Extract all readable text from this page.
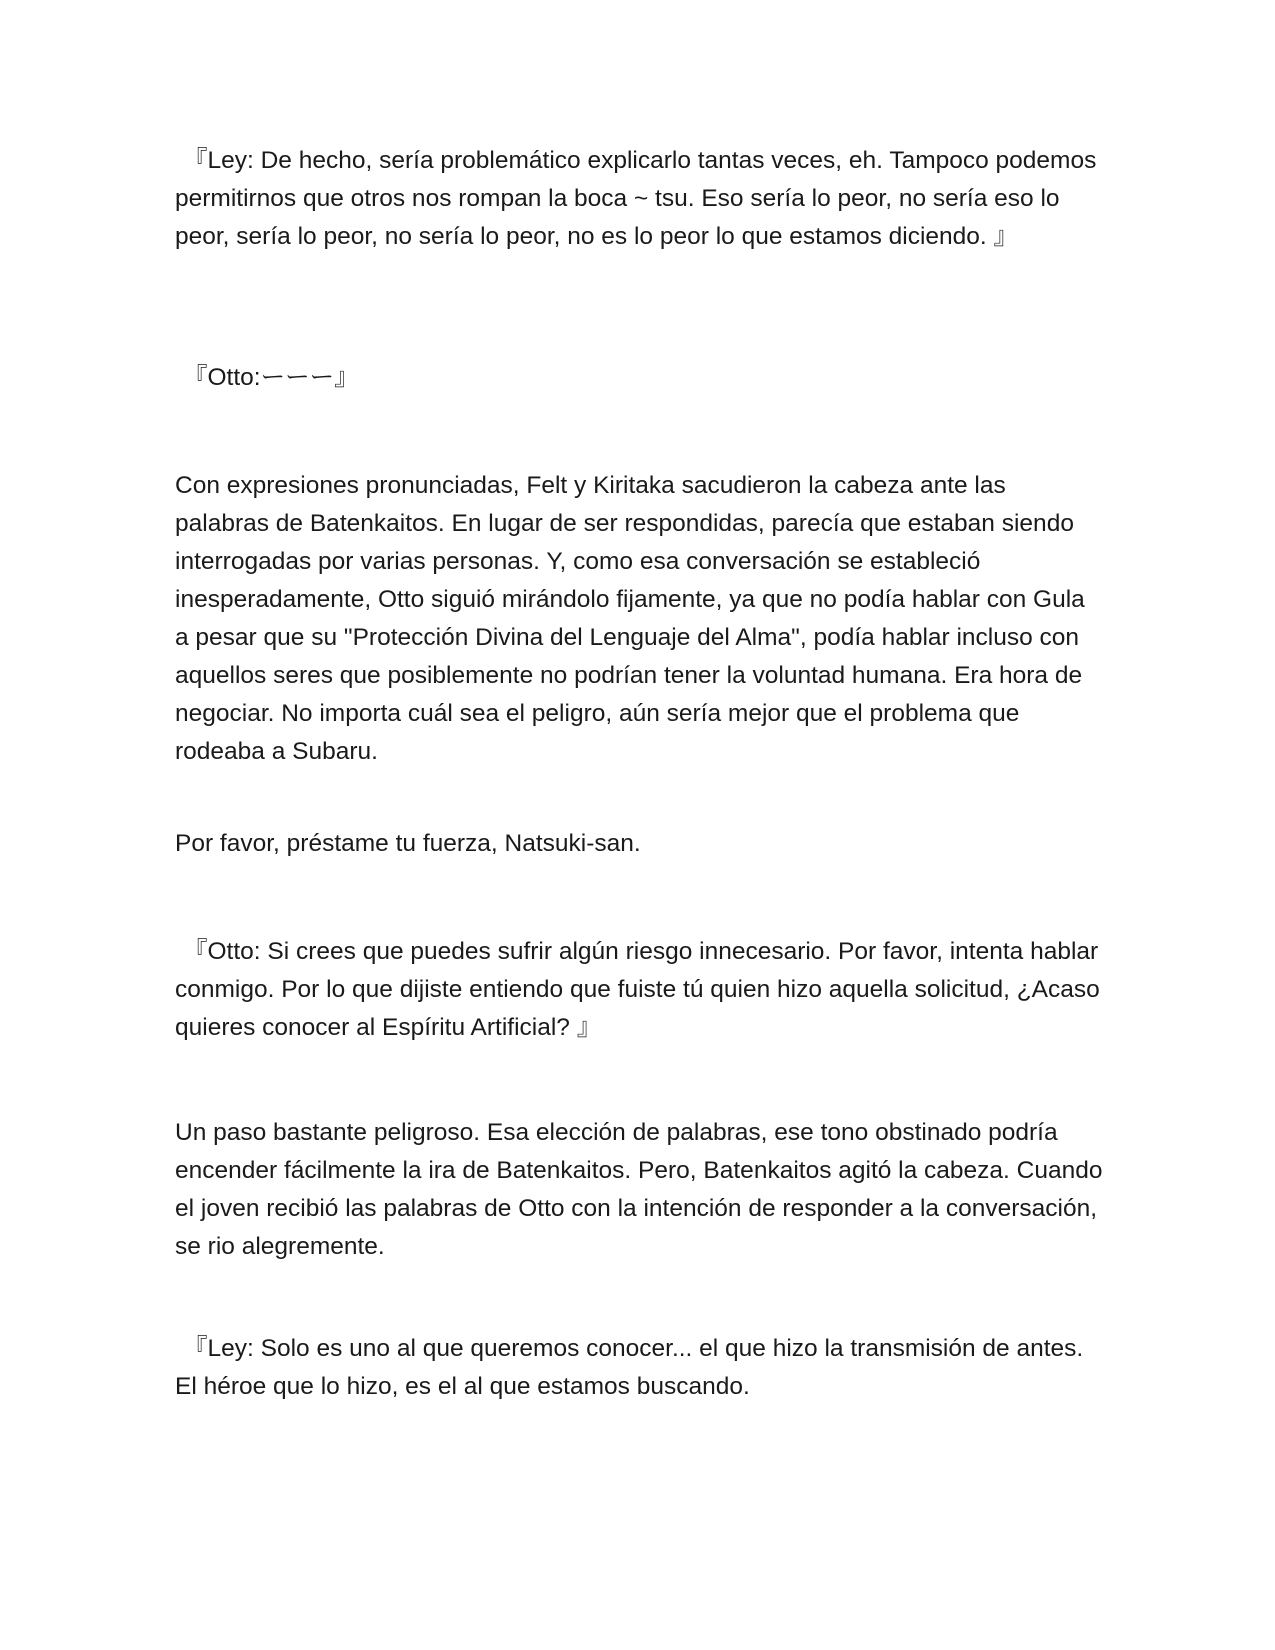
『Ley: De hecho, sería problemático explicarlo tantas veces, eh. Tampoco podemos permitirnos que otros nos rompan la boca ~ tsu. Eso sería lo peor, no sería eso lo peor, sería lo peor, no sería lo peor, no es lo peor lo que estamos diciendo. 』

『Otto:ーーー』

Con expresiones pronunciadas, Felt y Kiritaka sacudieron la cabeza ante las palabras de Batenkaitos. En lugar de ser respondidas, parecía que estaban siendo interrogadas por varias personas. Y, como esa conversación se estableció inesperadamente, Otto siguió mirándolo fijamente, ya que no podía hablar con Gula a pesar que su "Protección Divina del Lenguaje del Alma", podía hablar incluso con aquellos seres que posiblemente no podrían tener la voluntad humana. Era hora de negociar. No importa cuál sea el peligro, aún sería mejor que el problema que rodeaba a Subaru.

Por favor, préstame tu fuerza, Natsuki-san.

『Otto: Si crees que puedes sufrir algún riesgo innecesario. Por favor, intenta hablar conmigo. Por lo que dijiste entiendo que fuiste tú quien hizo aquella solicitud, ¿Acaso quieres conocer al Espíritu Artificial? 』

Un paso bastante peligroso. Esa elección de palabras, ese tono obstinado podría encender fácilmente la ira de Batenkaitos. Pero, Batenkaitos agitó la cabeza. Cuando el joven recibió las palabras de Otto con la intención de responder a la conversación, se rio alegremente.

『Ley: Solo es uno al que queremos conocer... el que hizo la transmisión de antes. El héroe que lo hizo, es el al que estamos buscando.
